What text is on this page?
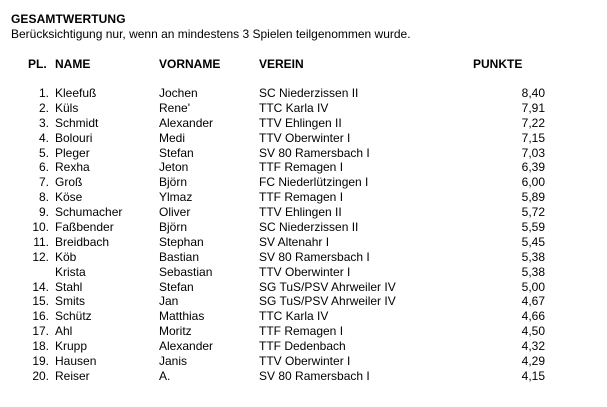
GESAMTWERTUNG
Berücksichtigung nur, wenn an mindestens 3 Spielen teilgenommen wurde.
PL. NAME	VORNAME	VEREIN	PUNKTE
1. Kleefuß	Jochen	SC Niederzissen II	8,40
2. Küls	Rene'	TTC Karla IV	7,91
3. Schmidt	Alexander	TTV Ehlingen II	7,22
4. Bolouri	Medi	TTV Oberwinter I	7,15
5. Pleger	Stefan	SV 80 Ramersbach I	7,03
6. Rexha	Jeton	TTF Remagen I	6,39
7. Groß	Björn	FC Niederlützingen I	6,00
8. Köse	Ylmaz	TTF Remagen I	5,89
9. Schumacher	Oliver	TTV Ehlingen II	5,72
10. Faßbender	Björn	SC Niederzissen II	5,59
11. Breidbach	Stephan	SV Altenahr I	5,45
12. Köb	Bastian	SV 80 Ramersbach I	5,38
Krista	Sebastian	TTV Oberwinter I	5,38
14. Stahl	Stefan	SG TuS/PSV Ahrweiler IV	5,00
15. Smits	Jan	SG TuS/PSV Ahrweiler IV	4,67
16. Schütz	Matthias	TTC Karla IV	4,66
17. Ahl	Moritz	TTF Remagen I	4,50
18. Krupp	Alexander	TTF Dedenbach	4,32
19. Hausen	Janis	TTV Oberwinter I	4,29
20. Reiser	A.	SV 80 Ramersbach I	4,15
